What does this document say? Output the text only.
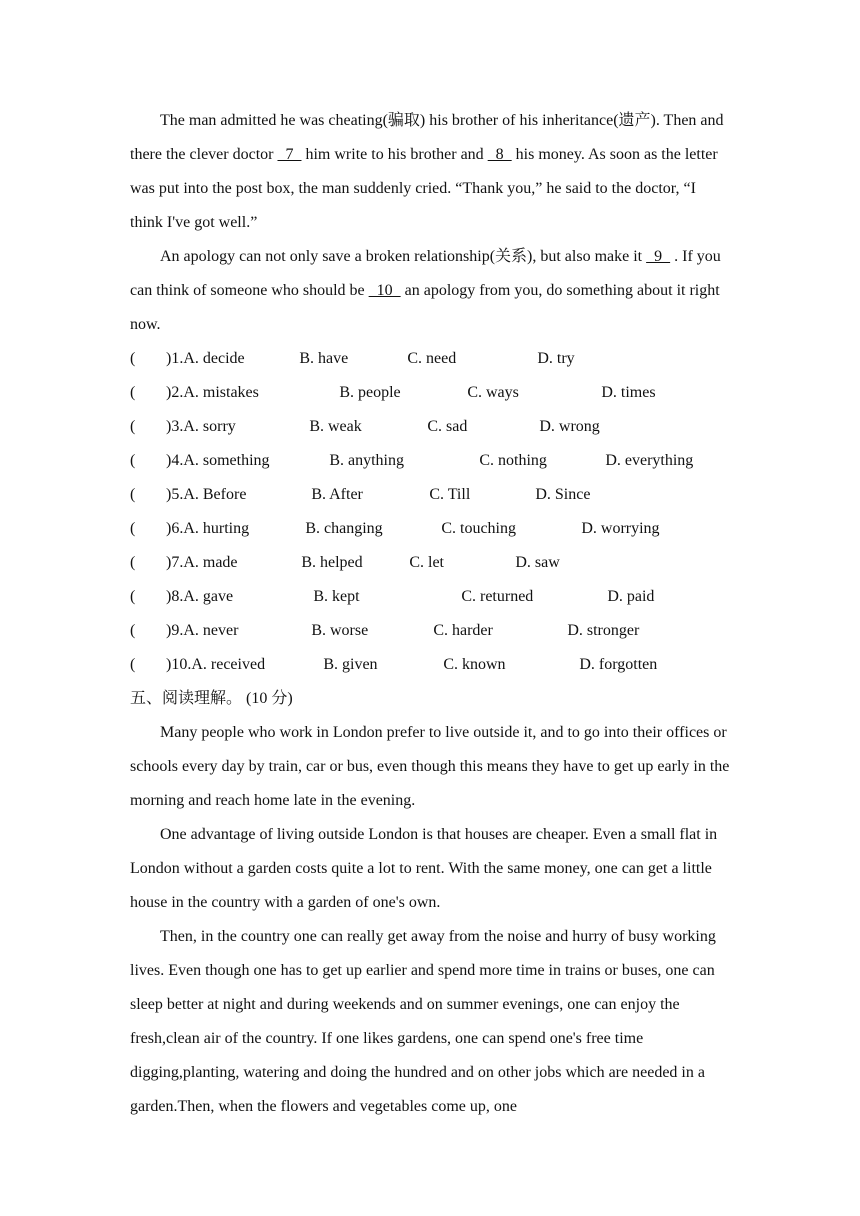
The man admitted he was cheating(骗取) his brother of his inheritance(遗产). Then and there the clever doctor   7   him write to his brother and   8   his money. As soon as the letter was put into the post box, the man suddenly cried. “Thank you,” he said to the doctor, “I think I've got well.”

An apology can not only save a broken relationship(关系), but also make it   9   . If you can think of someone who should be   10   an apology from you, do something about it right now.

(	)1. A. decide	B. have	C. need	D. try
(	)2. A. mistakes	B. people	C. ways	D. times
(	)3. A. sorry	B. weak	C. sad	D. wrong
(	)4. A. something	B. anything	C. nothing	D. everything
(	)5. A. Before	B. After	C. Till	D. Since
(	)6. A. hurting	B. changing	C. touching	D. worrying
(	)7. A. made	B. helped	C. let	D. saw
(	)8. A. gave	B. kept	C. returned	D. paid
(	)9. A. never	B. worse	C. harder	D. stronger
(	)10. A. received	B. given	C. known	D. forgotten

五、阅读理解。 (10 分)

Many people who work in London prefer to live outside it, and to go into their offices or schools every day by train, car or bus, even though this means they have to get up early in the morning and reach home late in the evening.

One advantage of living outside London is that houses are cheaper. Even a small flat in London without a garden costs quite a lot to rent. With the same money, one can get a little house in the country with a garden of one's own.

Then, in the country one can really get away from the noise and hurry of busy working lives. Even though one has to get up earlier and spend more time in trains or buses, one can sleep better at night and during weekends and on summer evenings, one can enjoy the fresh,clean air of the country. If one likes gardens, one can spend one's free time digging,planting, watering and doing the hundred and on other jobs which are needed in a garden.Then, when the flowers and vegetables come up, one
